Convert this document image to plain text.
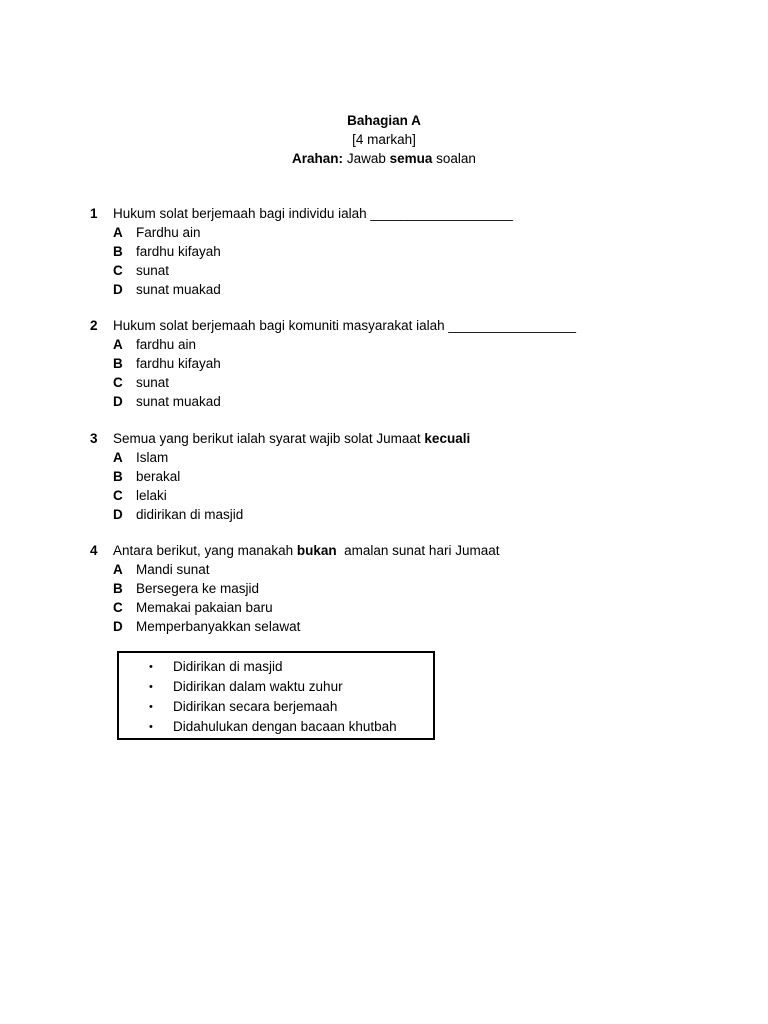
Bahagian A
[4 markah]
Arahan: Jawab semua soalan
1 Hukum solat berjemaah bagi individu ialah ___________________
A Fardhu ain
B fardhu kifayah
C sunat
D sunat muakad
2 Hukum solat berjemaah bagi komuniti masyarakat ialah _________________
A fardhu ain
B fardhu kifayah
C sunat
D sunat muakad
3 Semua yang berikut ialah syarat wajib solat Jumaat kecuali
A Islam
B berakal
C lelaki
D didirikan di masjid
4 Antara berikut, yang manakah bukan  amalan sunat hari Jumaat
A Mandi sunat
B Bersegera ke masjid
C Memakai pakaian baru
D Memperbanyakkan selawat
• Didirikan di masjid
• Didirikan dalam waktu zuhur
• Didirikan secara berjemaah
• Didahulukan dengan bacaan khutbah
